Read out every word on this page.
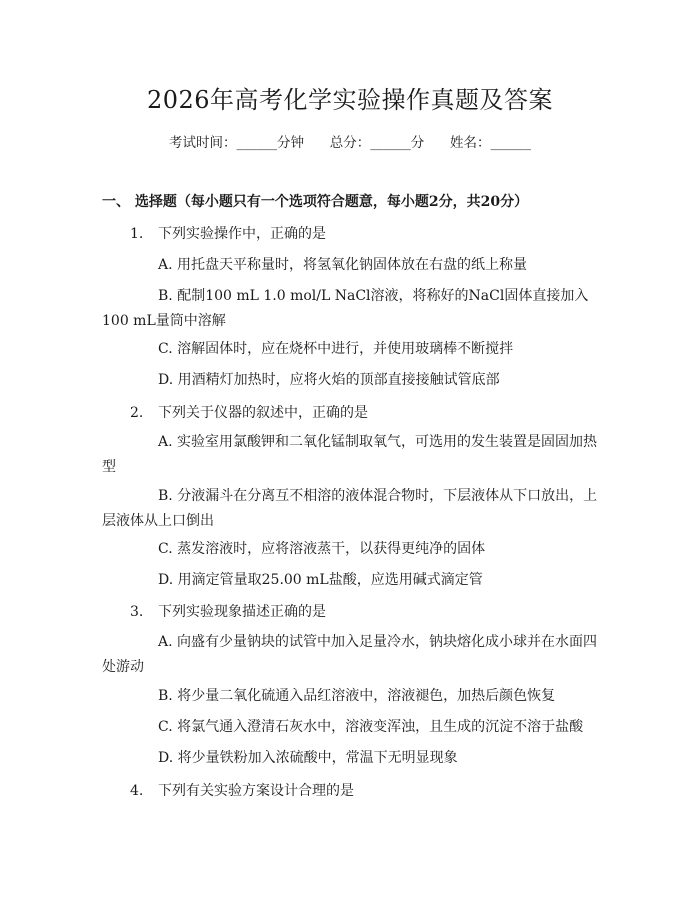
2026年高考化学实验操作真题及答案
考试时间：______分钟      总分：______分      姓名：______
一、 选择题（每小题只有一个选项符合题意，每小题2分，共20分）
1. 下列实验操作中，正确的是
A. 用托盘天平称量时，将氢氧化钠固体放在右盘的纸上称量
B. 配制100 mL 1.0 mol/L NaCl溶液，将称好的NaCl固体直接加入100 mL量筒中溶解
C. 溶解固体时，应在烧杯中进行，并使用玻璃棒不断搅拌
D. 用酒精灯加热时，应将火焰的顶部直接接触试管底部
2. 下列关于仪器的叙述中，正确的是
A. 实验室用氯酸钾和二氧化锰制取氧气，可选用的发生装置是固固加热型
B. 分液漏斗在分离互不相溶的液体混合物时，下层液体从下口放出，上层液体从上口倒出
C. 蒸发溶液时，应将溶液蒸干，以获得更纯净的固体
D. 用滴定管量取25.00 mL盐酸，应选用碱式滴定管
3. 下列实验现象描述正确的是
A. 向盛有少量钠块的试管中加入足量冷水，钠块熔化成小球并在水面四处游动
B. 将少量二氧化硫通入品红溶液中，溶液褪色，加热后颜色恢复
C. 将氯气通入澄清石灰水中，溶液变浑浊，且生成的沉淀不溶于盐酸
D. 将少量铁粉加入浓硫酸中，常温下无明显现象
4. 下列有关实验方案设计合理的是
